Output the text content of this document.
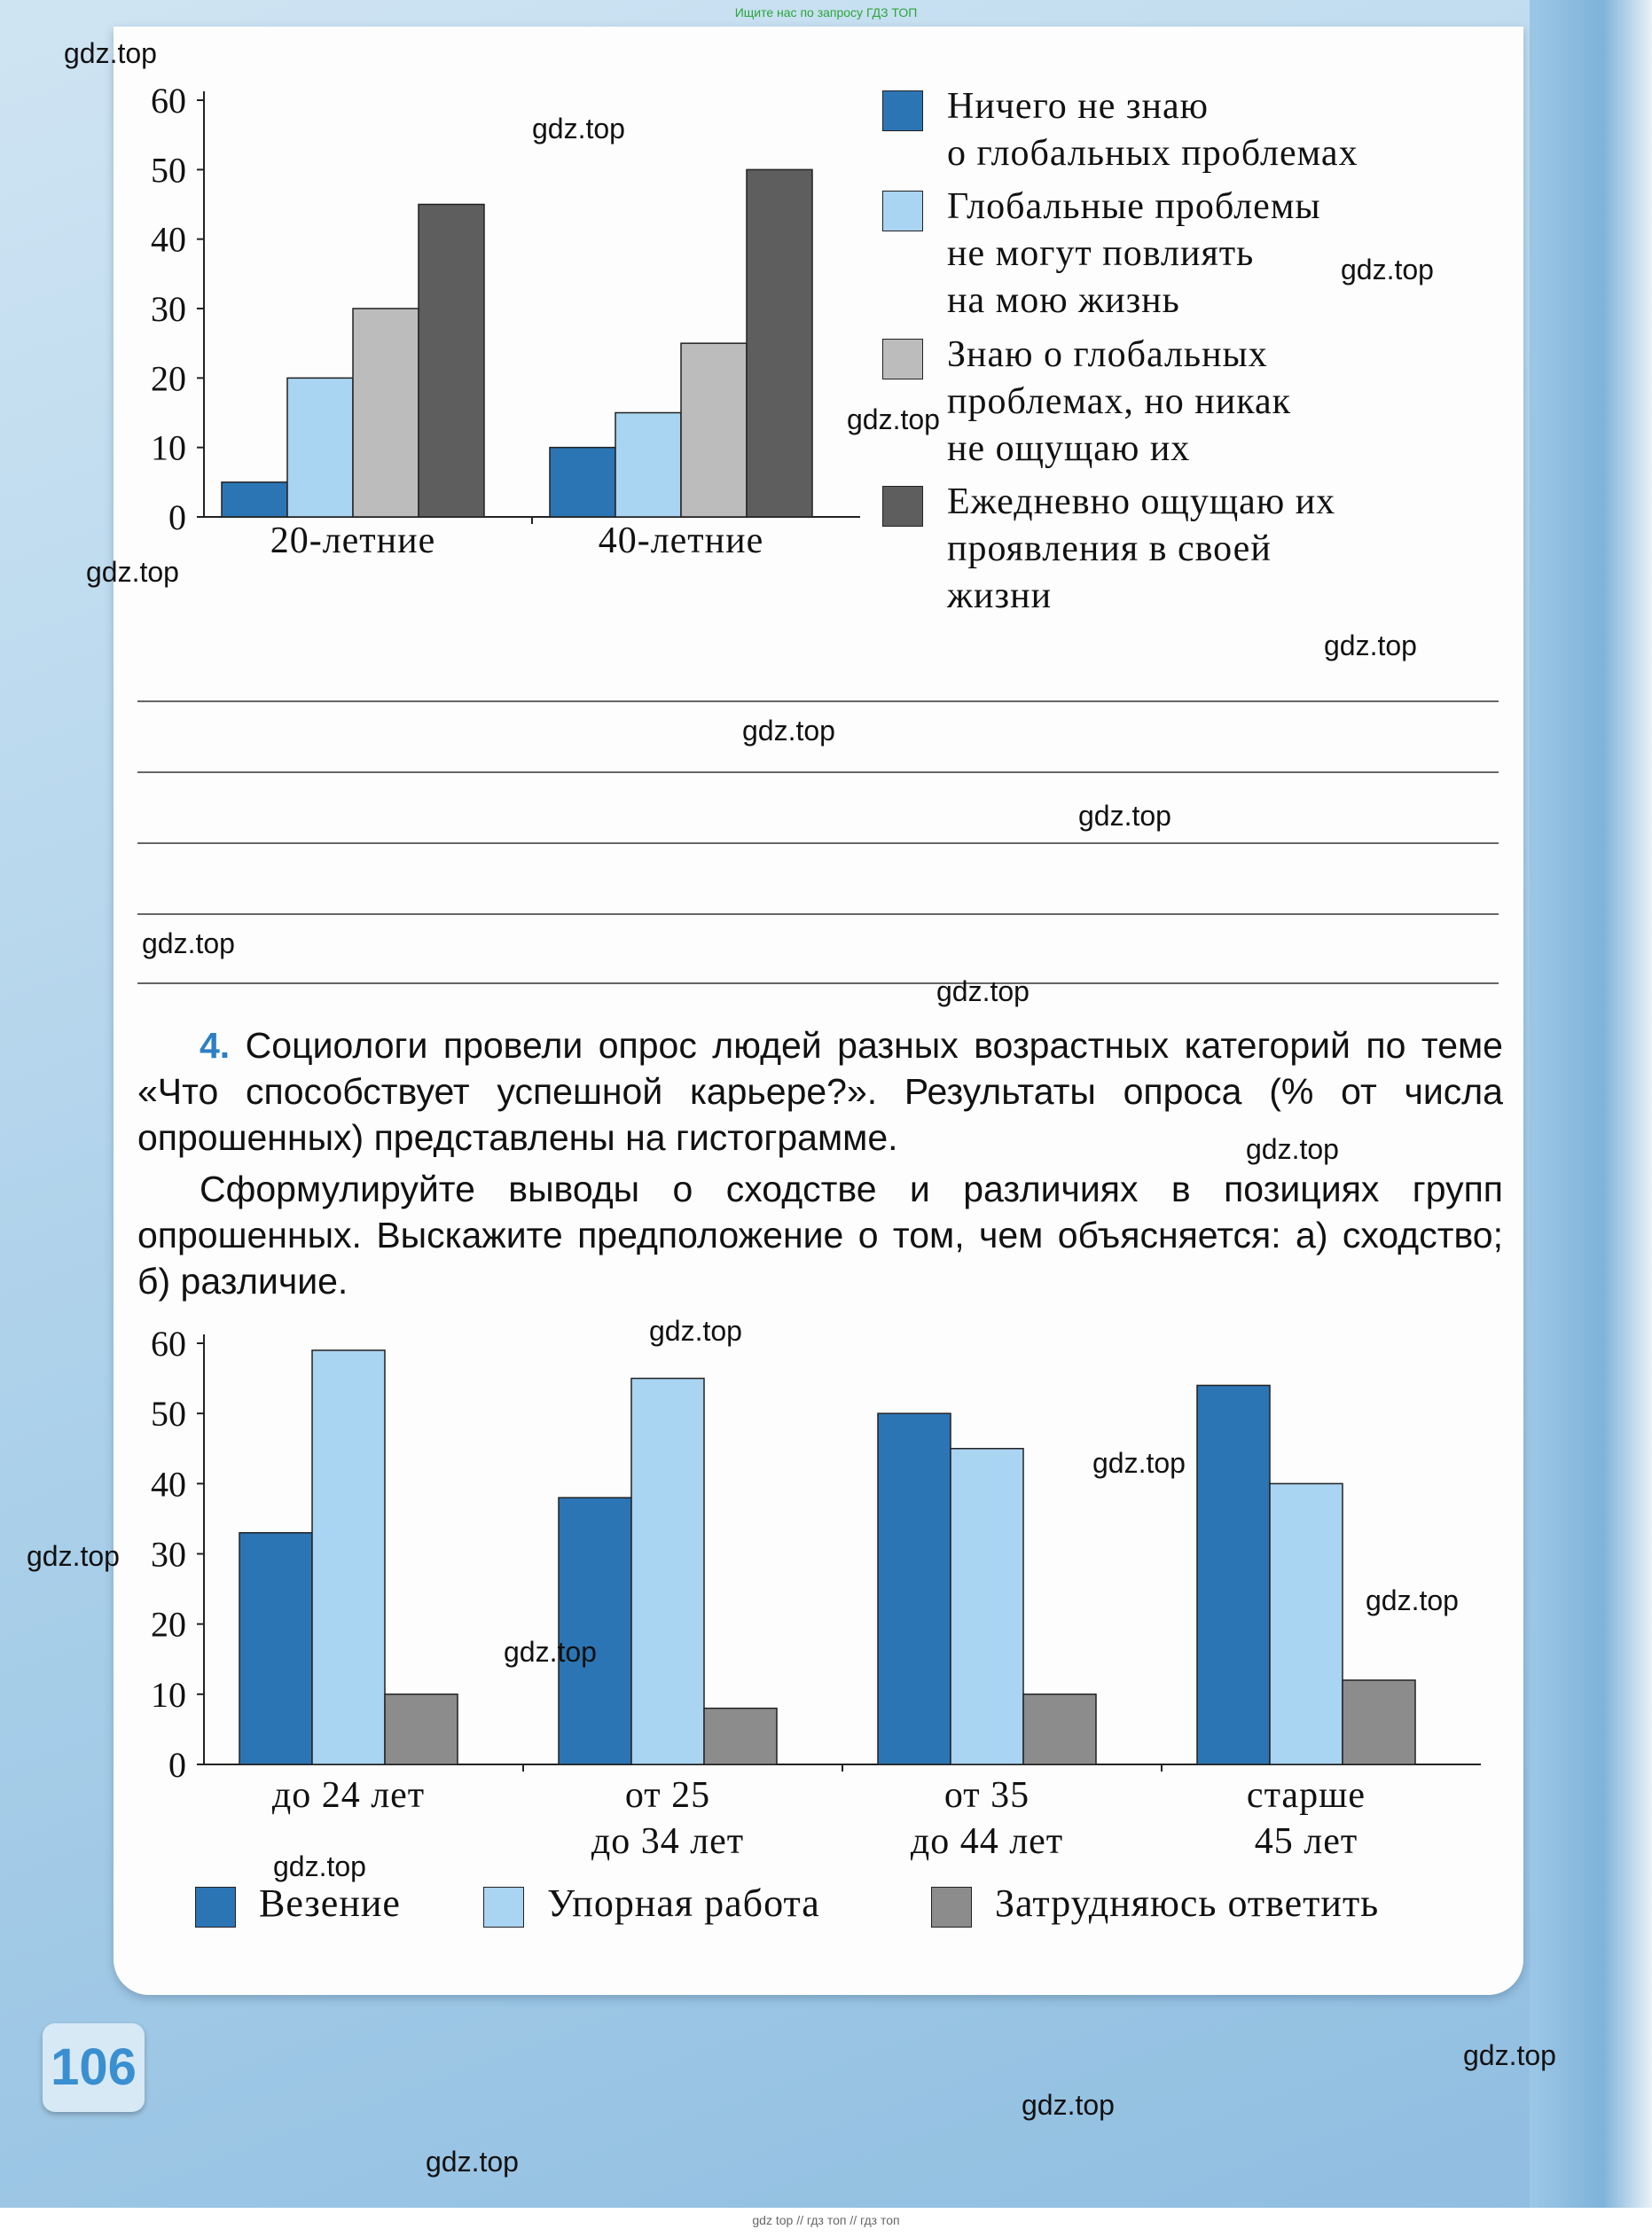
Ищите нас по запросу ГДЗ ТОП
0
10
20
30
40
50
60
20-летние	40-летние
Ничего не знаю
о глобальных проблемах
Глобальные проблемы
не могут повлиять
на мою жизнь
Знаю о глобальных
проблемах, но никак
не ощущаю их
Ежедневно ощущаю их
проявления в своей
жизни

4. Социологи провели опрос людей разных возрастных категорий по теме «Что способствует успешной карьере?». Результаты опроса (% от числа опрошенных) представлены на гистограмме.

Сформулируйте выводы о сходстве и различиях в позициях групп опрошенных. Выскажите предположение о том, чем объясняется: а) сходство; б) различие.

0
10
20
30
40
50
60
до 24 лет	от 25
до 34 лет
от 35
до 44 лет
старше
45 лет
Везение	Упорная работа	Затрудняюсь ответить
106
gdz.top
gdz.top
gdz.top
gdz.top
gdz.top
gdz.top
gdz.top
gdz.top
gdz.top
gdz.top
gdz.top
gdz.top
gdz.top
gdz.top
gdz.top
gdz.top
gdz.top
gdz.top
gdz.top
gdz.top
gdz top // гдз топ // гдз топ
